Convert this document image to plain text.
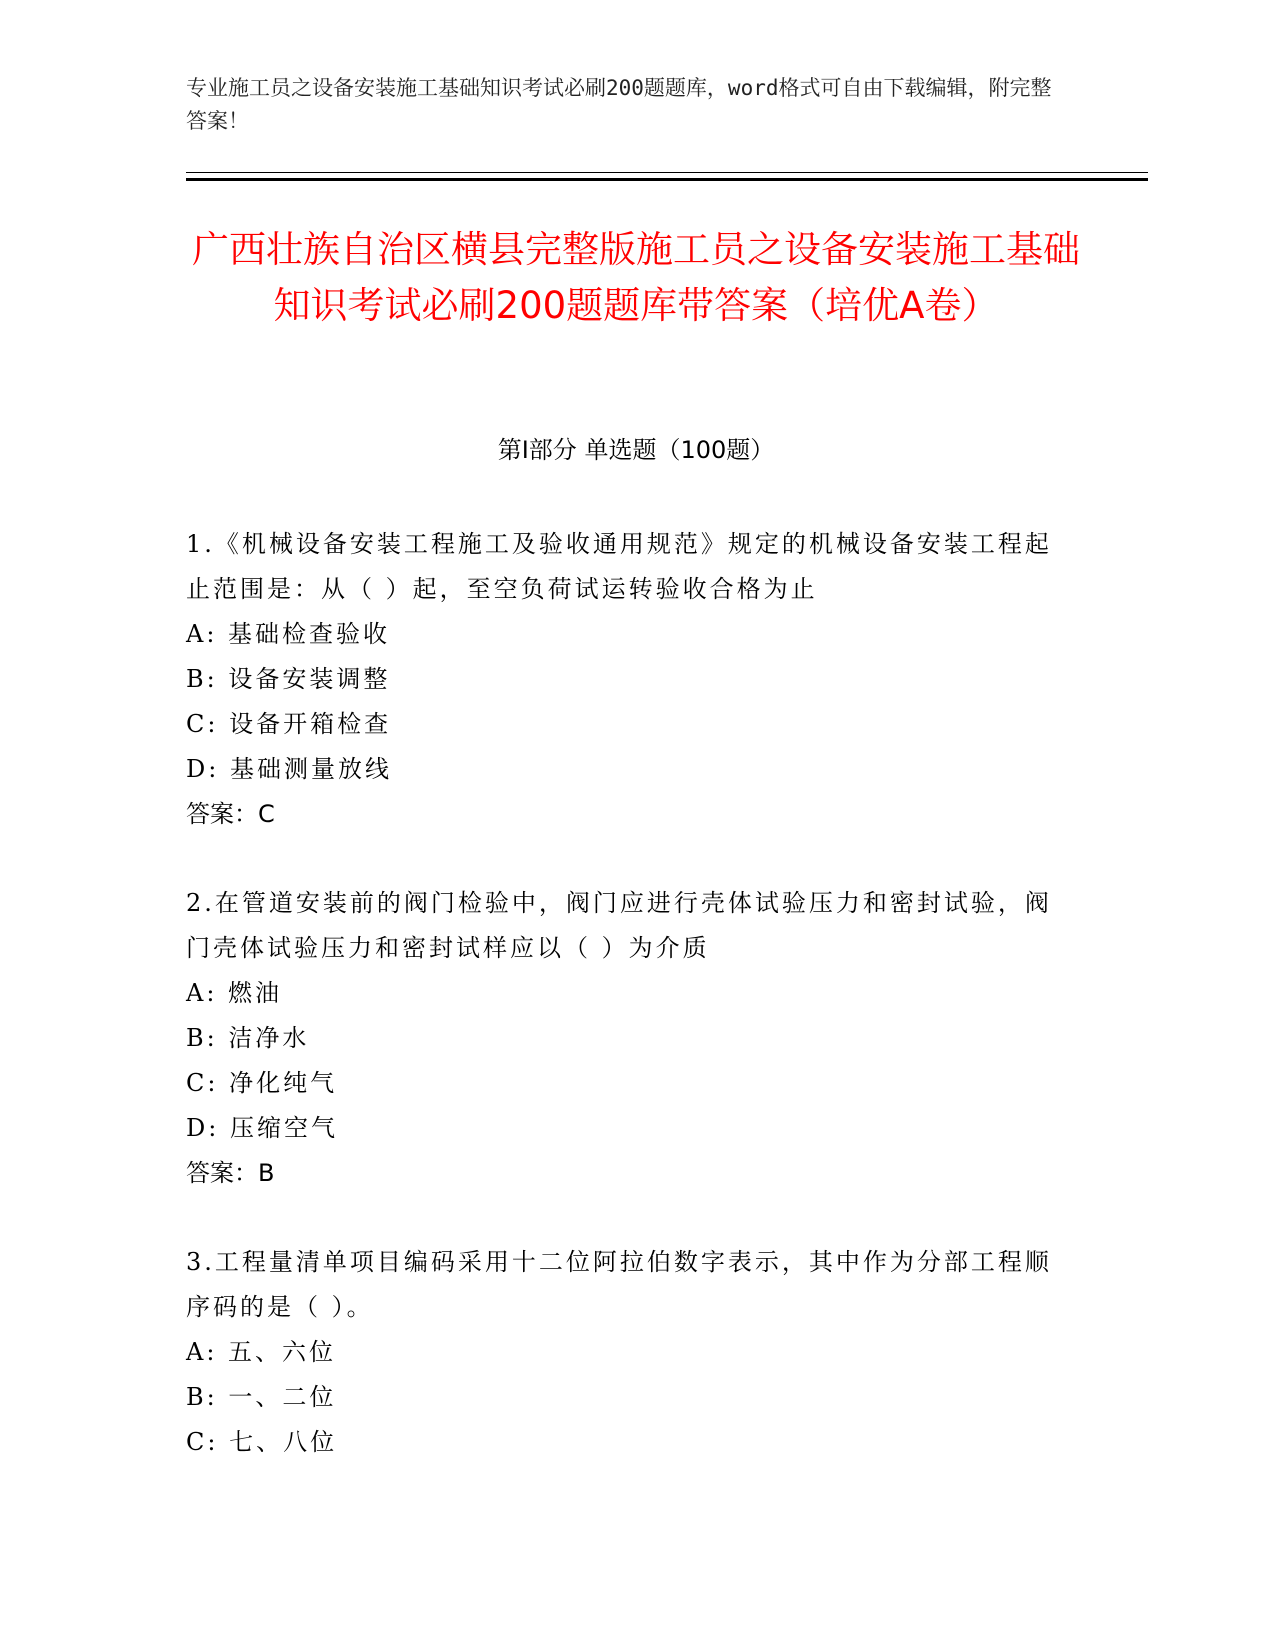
专业施工员之设备安装施工基础知识考试必刷200题题库，word格式可自由下载编辑，附完整答案！
广西壮族自治区横县完整版施工员之设备安装施工基础知识考试必刷200题题库带答案（培优A卷）
第I部分 单选题（100题）
1.《机械设备安装工程施工及验收通用规范》规定的机械设备安装工程起止范围是：从（ ）起，至空负荷试运转验收合格为止
A: 基础检查验收
B: 设备安装调整
C: 设备开箱检查
D: 基础测量放线
答案：C
2.在管道安装前的阀门检验中，阀门应进行壳体试验压力和密封试验，阀门壳体试验压力和密封试样应以（ ）为介质
A: 燃油
B: 洁净水
C: 净化纯气
D: 压缩空气
答案：B
3.工程量清单项目编码采用十二位阿拉伯数字表示，其中作为分部工程顺序码的是（ ）。
A: 五、六位
B: 一、二位
C: 七、八位
